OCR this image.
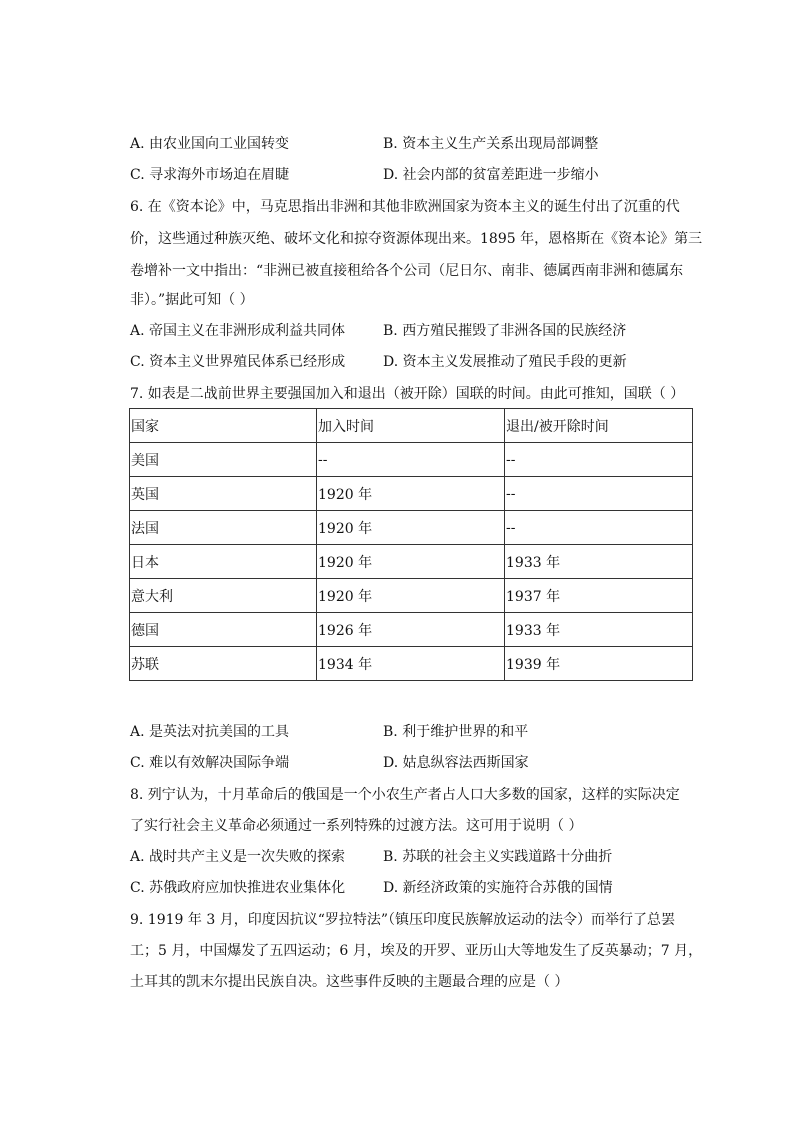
A. 由农业国向工业国转变	B. 资本主义生产关系出现局部调整
C. 寻求海外市场迫在眉睫	D. 社会内部的贫富差距进一步缩小
6. 在《资本论》中，马克思指出非洲和其他非欧洲国家为资本主义的诞生付出了沉重的代
价，这些通过种族灭绝、破坏文化和掠夺资源体现出来。1895 年，恩格斯在《资本论》第三
卷增补一文中指出：“非洲已被直接租给各个公司（尼日尔、南非、德属西南非洲和德属东
非）。”据此可知（ ）
A. 帝国主义在非洲形成利益共同体	B. 西方殖民摧毁了非洲各国的民族经济
C. 资本主义世界殖民体系已经形成	D. 资本主义发展推动了殖民手段的更新
7. 如表是二战前世界主要强国加入和退出（被开除）国联的时间。由此可推知，国联（ ）
国家	加入时间	退出/被开除时间
美国	--	--
英国	1920 年	--
法国	1920 年	--
日本	1920 年	1933 年
意大利	1920 年	1937 年
德国	1926 年	1933 年
苏联	1934 年	1939 年
A. 是英法对抗美国的工具	B. 利于维护世界的和平
C. 难以有效解决国际争端	D. 姑息纵容法西斯国家
8. 列宁认为，十月革命后的俄国是一个小农生产者占人口大多数的国家，这样的实际决定
了实行社会主义革命必须通过一系列特殊的过渡方法。这可用于说明（ ）
A. 战时共产主义是一次失败的探索	B. 苏联的社会主义实践道路十分曲折
C. 苏俄政府应加快推进农业集体化	D. 新经济政策的实施符合苏俄的国情
9. 1919 年 3 月，印度因抗议“罗拉特法”（镇压印度民族解放运动的法令）而举行了总罢
工；5 月，中国爆发了五四运动；6 月，埃及的开罗、亚历山大等地发生了反英暴动；7 月，
土耳其的凯末尔提出民族自决。这些事件反映的主题最合理的应是（ ）
